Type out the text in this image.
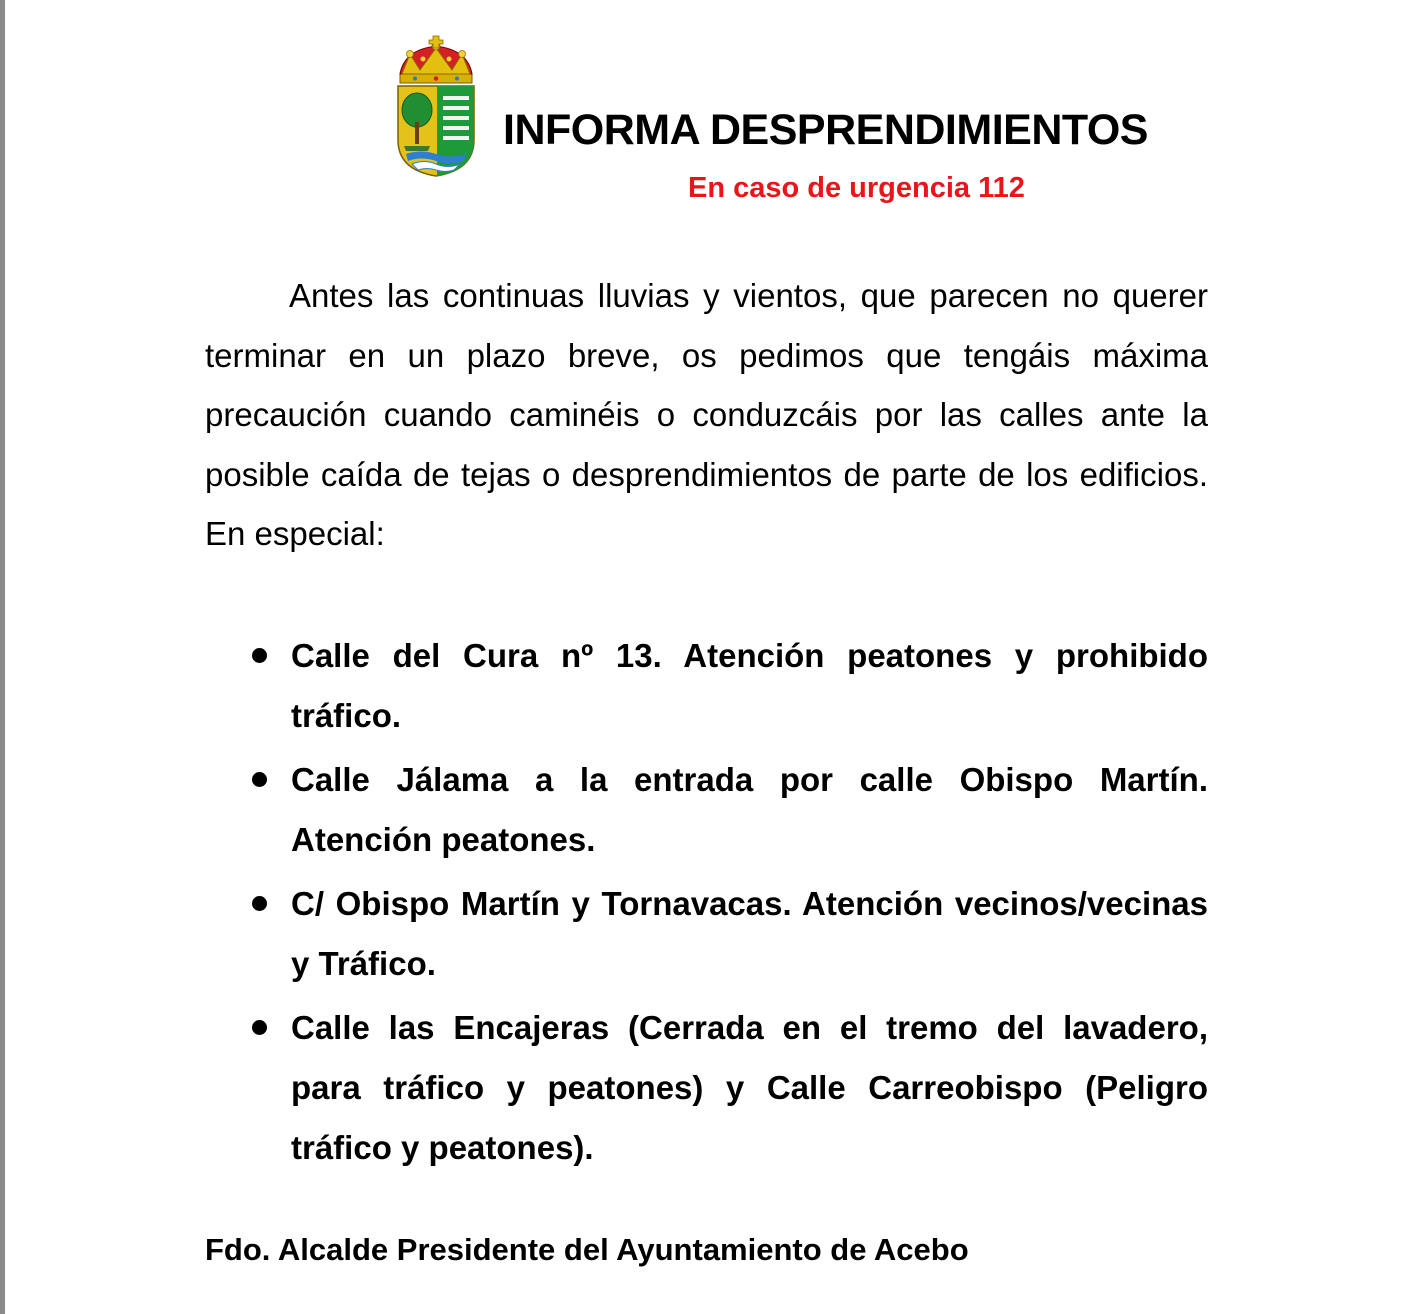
INFORMA DESPRENDIMIENTOS
En caso de urgencia 112

Antes las continuas lluvias y vientos, que parecen no querer terminar en un plazo breve, os pedimos que tengáis máxima precaución cuando caminéis o conduzcáis por las calles ante la posible caída de tejas o desprendimientos de parte de los edificios. En especial:

Calle del Cura nº 13. Atención peatones y prohibido tráfico.
Calle Jálama a la entrada por calle Obispo Martín. Atención peatones.
C/ Obispo Martín y Tornavacas. Atención vecinos/vecinas y Tráfico.
Calle las Encajeras (Cerrada en el tremo del lavadero, para tráfico y peatones) y Calle Carreobispo (Peligro tráfico y peatones).
Fdo. Alcalde Presidente del Ayuntamiento de Acebo
